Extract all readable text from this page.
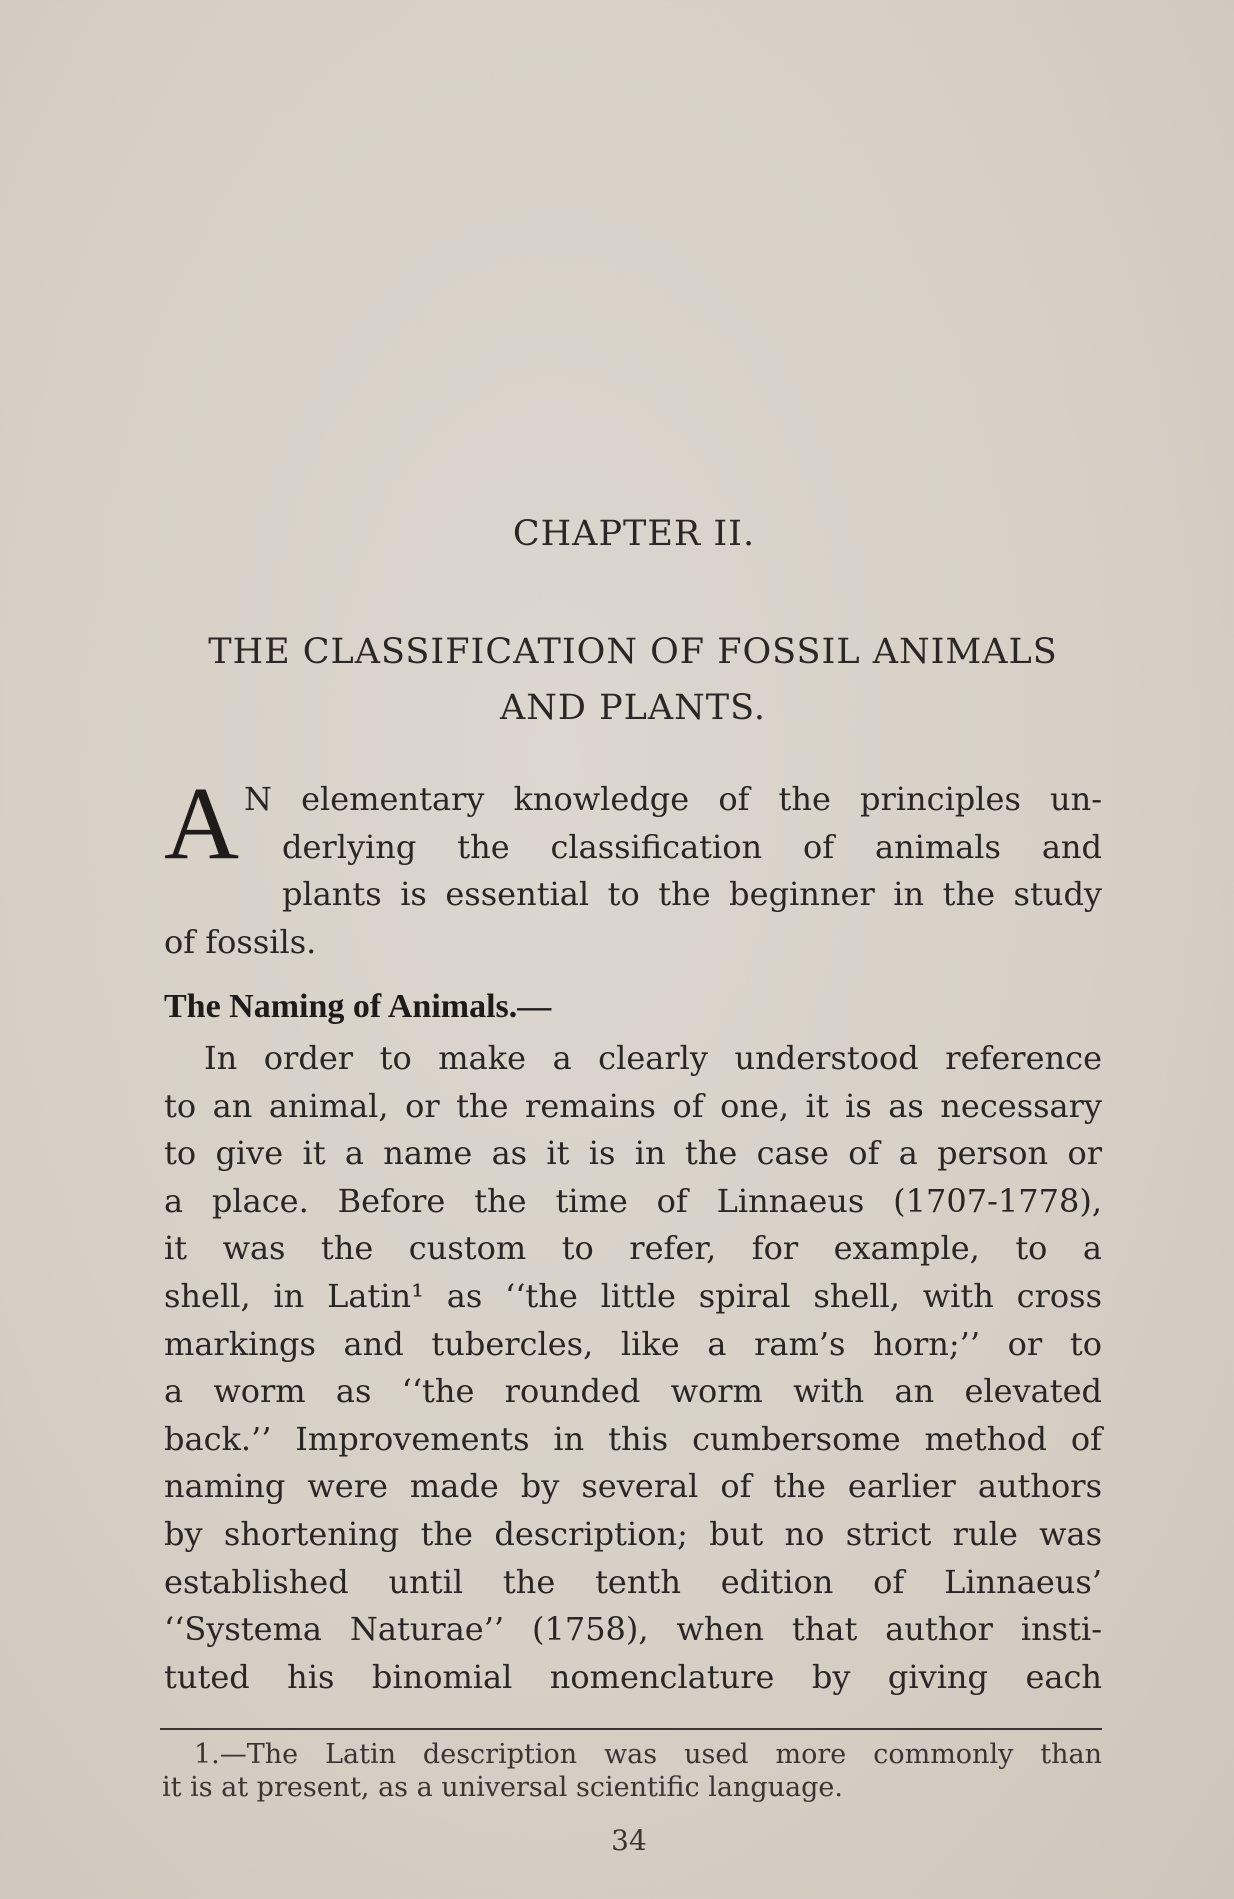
CHAPTER II.
THE CLASSIFICATION OF FOSSIL ANIMALS
AND PLANTS.
A N elementary knowledge of the principles un-
derlying the classification of animals and
plants is essential to the beginner in the study
of fossils.
The Naming of Animals.—
In order to make a clearly understood reference
to an animal, or the remains of one, it is as necessary
to give it a name as it is in the case of a person or
a place. Before the time of Linnaeus (1707-1778),
it was the custom to refer, for example, to a
shell, in Latin¹ as ‘‘the little spiral shell, with cross
markings and tubercles, like a ram’s horn;’’ or to
a worm as ‘‘the rounded worm with an elevated
back.’’ Improvements in this cumbersome method of
naming were made by several of the earlier authors
by shortening the description; but no strict rule was
established until the tenth edition of Linnaeus’
‘‘Systema Naturae’’ (1758), when that author insti-
tuted his binomial nomenclature by giving each
1.—The Latin description was used more commonly than
it is at present, as a universal scientific language.
34
